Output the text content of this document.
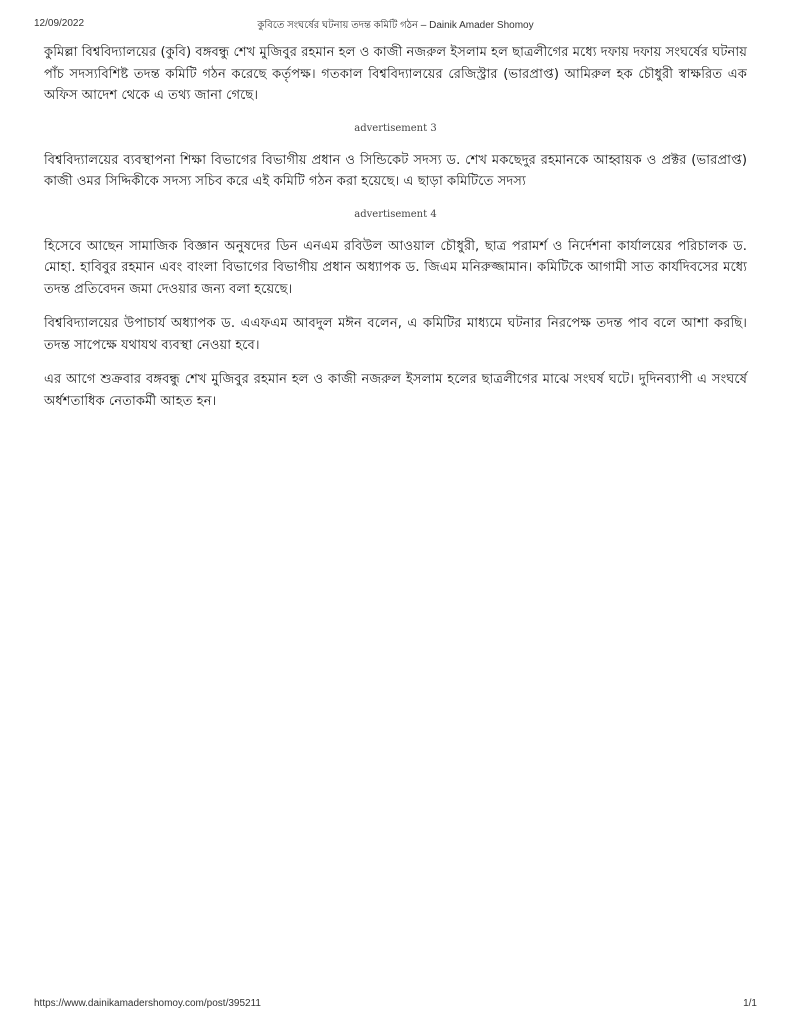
12/09/2022	কুবিতে সংঘর্ষের ঘটনায় তদন্ত কমিটি গঠন – Dainik Amader Shomoy

কুমিল্লা বিশ্ববিদ্যালয়ের (কুবি) বঙ্গবন্ধু শেখ মুজিবুর রহমান হল ও কাজী নজরুল ইসলাম হল ছাত্রলীগের মধ্যে দফায় দফায় সংঘর্ষের ঘটনায় পাঁচ সদস্যবিশিষ্ট তদন্ত কমিটি গঠন করেছে কর্তৃপক্ষ। গতকাল বিশ্ববিদ্যালয়ের রেজিস্ট্রার (ভারপ্রাপ্ত) আমিরুল হক চৌধুরী স্বাক্ষরিত এক অফিস আদেশ থেকে এ তথ্য জানা গেছে।

advertisement 3

বিশ্ববিদ্যালয়ের ব্যবস্থাপনা শিক্ষা বিভাগের বিভাগীয় প্রধান ও সিন্ডিকেট সদস্য ড. শেখ মকছেদুর রহমানকে আহ্বায়ক ও প্রক্টর (ভারপ্রাপ্ত) কাজী ওমর সিদ্দিকীকে সদস্য সচিব করে এই কমিটি গঠন করা হয়েছে। এ ছাড়া কমিটিতে সদস্য

advertisement 4

হিসেবে আছেন সামাজিক বিজ্ঞান অনুষদের ডিন এনএম রবিউল আওয়াল চৌধুরী, ছাত্র পরামর্শ ও নির্দেশনা কার্যালয়ের পরিচালক ড. মোহা. হাবিবুর রহমান এবং বাংলা বিভাগের বিভাগীয় প্রধান অধ্যাপক ড. জিএম মনিরুজ্জামান। কমিটিকে আগামী সাত কার্যদিবসের মধ্যে তদন্ত প্রতিবেদন জমা দেওয়ার জন্য বলা হয়েছে।

বিশ্ববিদ্যালয়ের উপাচার্য অধ্যাপক ড. এএফএম আবদুল মঈন বলেন, এ কমিটির মাধ্যমে ঘটনার নিরপেক্ষ তদন্ত পাব বলে আশা করছি। তদন্ত সাপেক্ষে যথাযথ ব্যবস্থা নেওয়া হবে।

এর আগে শুক্রবার বঙ্গবন্ধু শেখ মুজিবুর রহমান হল ও কাজী নজরুল ইসলাম হলের ছাত্রলীগের মাঝে সংঘর্ষ ঘটে। দুদিনব্যাপী এ সংঘর্ষে অর্ধশতাধিক নেতাকর্মী আহত হন।

https://www.dainikamadershomoy.com/post/395211	1/1
